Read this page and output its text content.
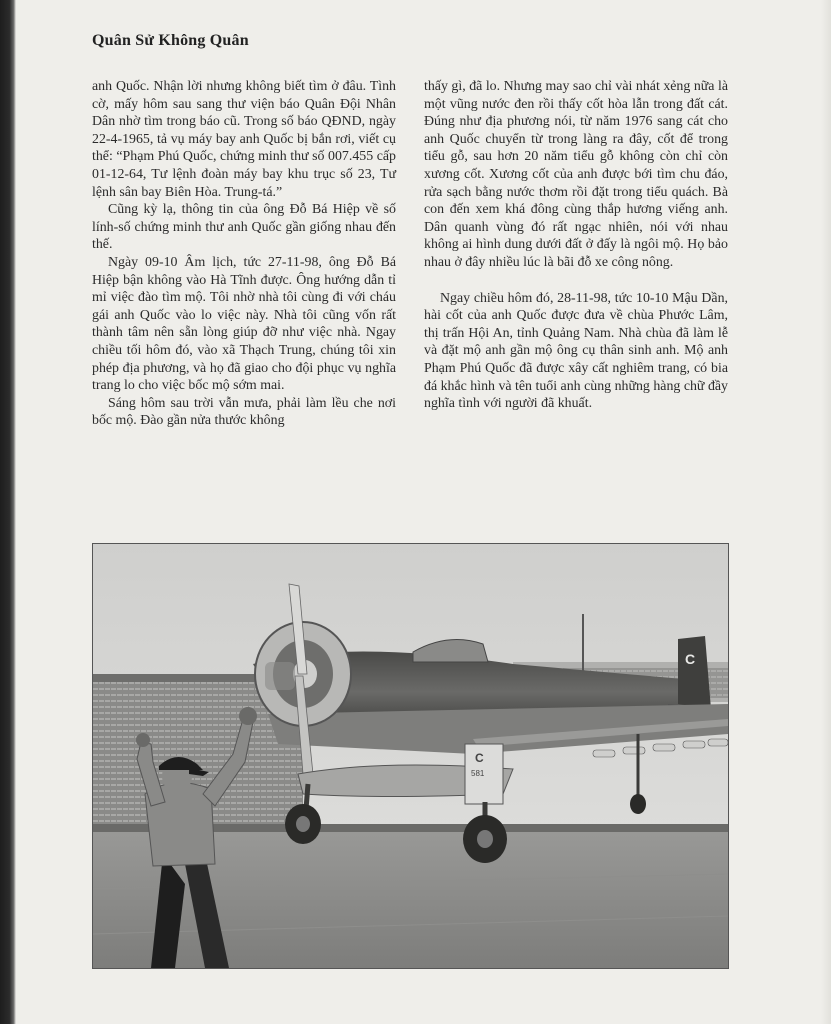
Quân Sử Không Quân

anh Quốc. Nhận lời nhưng không biết tìm ở đâu. Tình cờ, mấy hôm sau sang thư viện báo Quân Đội Nhân Dân nhờ tìm trong báo cũ. Trong số báo QĐND, ngày 22-4-1965, tả vụ máy bay anh Quốc bị bắn rơi, viết cụ thể: “Phạm Phú Quốc, chứng minh thư số 007.455 cấp 01-12-64, Tư lệnh đoàn máy bay khu trục số 23, Tư lệnh sân bay Biên Hòa. Trung-tá.”

Cũng kỳ lạ, thông tin của ông Đỗ Bá Hiệp về số lính-số chứng minh thư anh Quốc gần giống nhau đến thế.

Ngày 09-10 Âm lịch, tức 27-11-98, ông Đỗ Bá Hiệp bận không vào Hà Tĩnh được. Ông hướng dẫn tỉ mỉ việc đào tìm mộ. Tôi nhờ nhà tôi cùng đi với cháu gái anh Quốc vào lo việc này. Nhà tôi cũng vốn rất thành tâm nên sẵn lòng giúp đỡ như việc nhà. Ngay chiều tối hôm đó, vào xã Thạch Trung, chúng tôi xin phép địa phương, và họ đã giao cho đội phục vụ nghĩa trang lo cho việc bốc mộ sớm mai.

Sáng hôm sau trời vẫn mưa, phải làm lều che nơi bốc mộ. Đào gần nửa thước không

thấy gì, đã lo. Nhưng may sao chỉ vài nhát xẻng nữa là một vũng nước đen rồi thấy cốt hòa lẫn trong đất cát. Đúng như địa phương nói, từ năm 1976 sang cát cho anh Quốc chuyển từ trong làng ra đây, cốt để trong tiểu gỗ, sau hơn 20 năm tiểu gỗ không còn chỉ còn xương cốt. Xương cốt của anh được bới tìm chu đáo, rửa sạch bằng nước thơm rồi đặt trong tiểu quách. Bà con đến xem khá đông cùng thắp hương viếng anh. Dân quanh vùng đó rất ngạc nhiên, nói với nhau không ai hình dung dưới đất ở đấy là ngôi mộ. Họ bảo nhau ở đây nhiều lúc là bãi đỗ xe công nông.

Ngay chiều hôm đó, 28-11-98, tức 10-10 Mậu Dần, hài cốt của anh Quốc được đưa về chùa Phước Lâm, thị trấn Hội An, tỉnh Quảng Nam. Nhà chùa đã làm lễ và đặt mộ anh gần mộ ông cụ thân sinh anh. Mộ anh Phạm Phú Quốc đã được xây cất nghiêm trang, có bia đá khắc hình và tên tuổi anh cùng những hàng chữ đầy nghĩa tình với người đã khuất.

C
C
581
